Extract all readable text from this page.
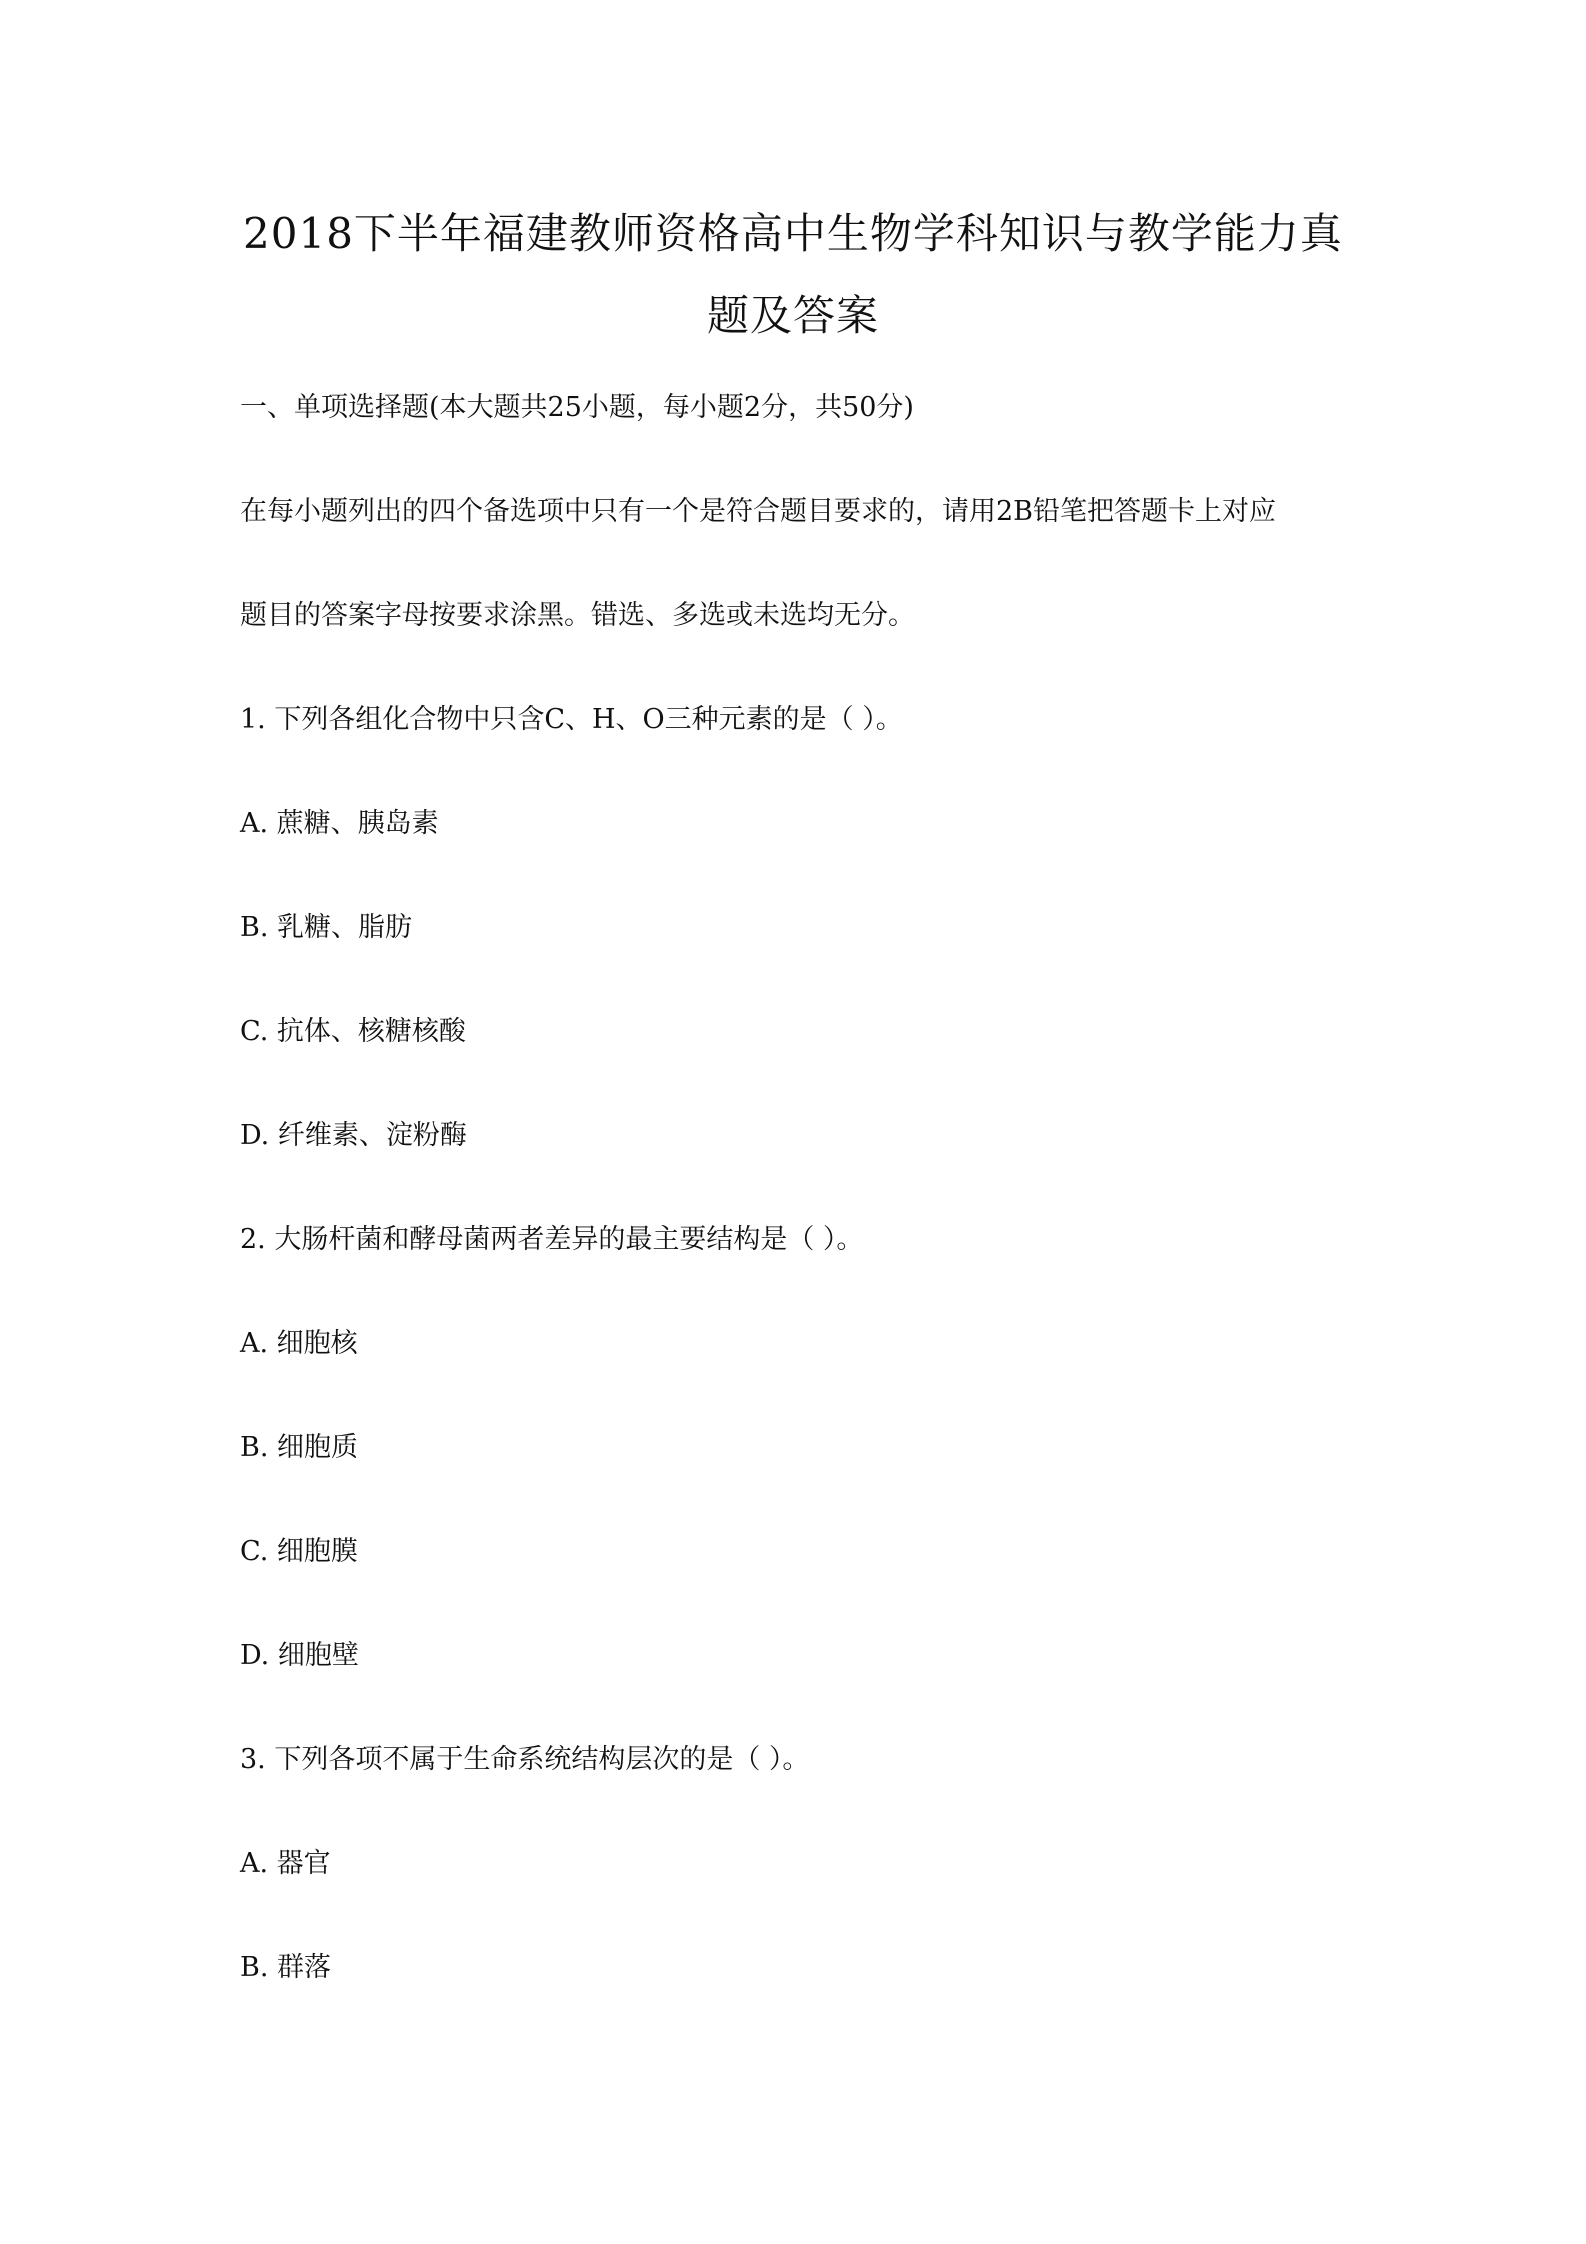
2018下半年福建教师资格高中生物学科知识与教学能力真
题及答案
一、单项选择题(本大题共25小题，每小题2分，共50分)
在每小题列出的四个备选项中只有一个是符合题目要求的，请用2B铅笔把答题卡上对应
题目的答案字母按要求涂黑。错选、多选或未选均无分。
1. 下列各组化合物中只含C、H、O三种元素的是（ ）。
A. 蔗糖、胰岛素
B. 乳糖、脂肪
C. 抗体、核糖核酸
D. 纤维素、淀粉酶
2. 大肠杆菌和酵母菌两者差异的最主要结构是（ ）。
A. 细胞核
B. 细胞质
C. 细胞膜
D. 细胞壁
3. 下列各项不属于生命系统结构层次的是（ ）。
A. 器官
B. 群落
